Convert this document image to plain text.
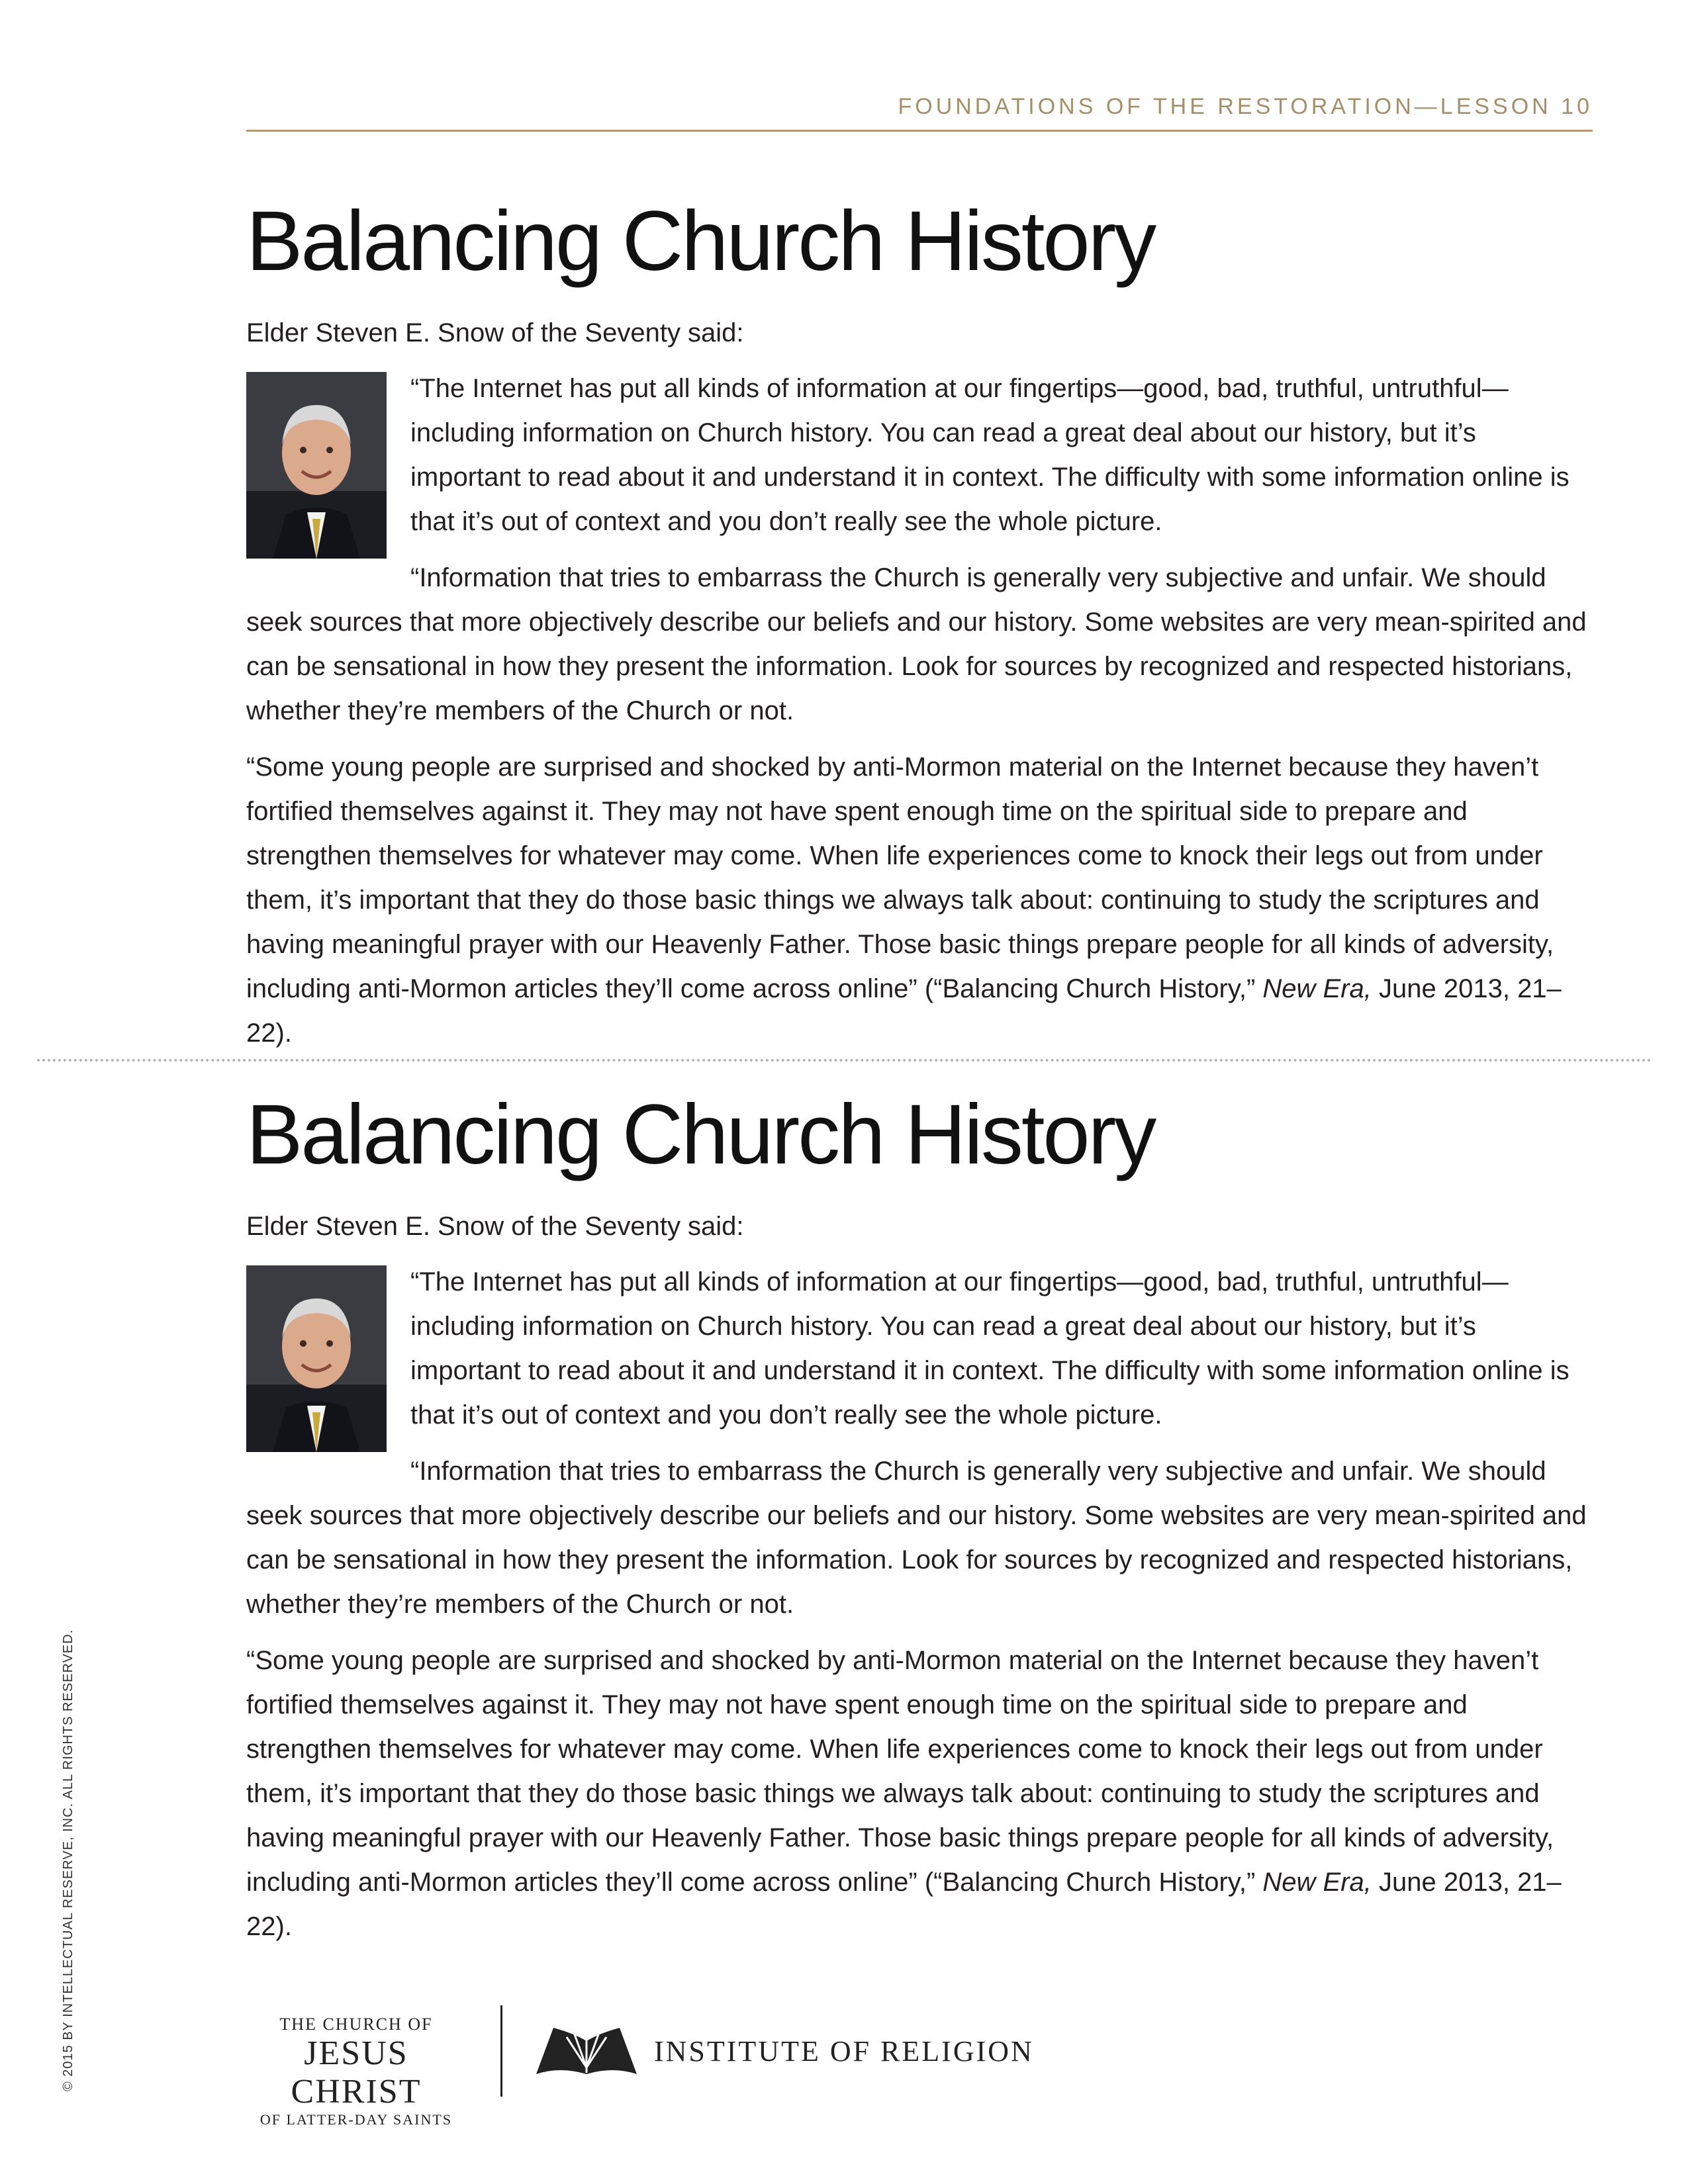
FOUNDATIONS OF THE RESTORATION—LESSON 10
Balancing Church History

Elder Steven E. Snow of the Seventy said:

“The Internet has put all kinds of information at our fingertips—good, bad, truthful, untruthful—including information on Church history. You can read a great deal about our history, but it’s important to read about it and understand it in context. The difficulty with some information online is that it’s out of context and you don’t really see the whole picture.

“Information that tries to embarrass the Church is generally very subjective and unfair. We should seek sources that more objectively describe our beliefs and our history. Some websites are very mean-spirited and can be sensational in how they present the information. Look for sources by recognized and respected historians, whether they’re members of the Church or not.

“Some young people are surprised and shocked by anti-Mormon material on the Internet because they haven’t fortified themselves against it. They may not have spent enough time on the spiritual side to prepare and strengthen themselves for whatever may come. When life experiences come to knock their legs out from under them, it’s important that they do those basic things we always talk about: continuing to study the scriptures and having meaningful prayer with our Heavenly Father. Those basic things prepare people for all kinds of adversity, including anti-Mormon articles they’ll come across online” (“Balancing Church History,” New Era, June 2013, 21–22).

Balancing Church History

Elder Steven E. Snow of the Seventy said:

“The Internet has put all kinds of information at our fingertips—good, bad, truthful, untruthful—including information on Church history. You can read a great deal about our history, but it’s important to read about it and understand it in context. The difficulty with some information online is that it’s out of context and you don’t really see the whole picture.

“Information that tries to embarrass the Church is generally very subjective and unfair. We should seek sources that more objectively describe our beliefs and our history. Some websites are very mean-spirited and can be sensational in how they present the information. Look for sources by recognized and respected historians, whether they’re members of the Church or not.

“Some young people are surprised and shocked by anti-Mormon material on the Internet because they haven’t fortified themselves against it. They may not have spent enough time on the spiritual side to prepare and strengthen themselves for whatever may come. When life experiences come to knock their legs out from under them, it’s important that they do those basic things we always talk about: continuing to study the scriptures and having meaningful prayer with our Heavenly Father. Those basic things prepare people for all kinds of adversity, including anti-Mormon articles they’ll come across online” (“Balancing Church History,” New Era, June 2013, 21–22).

© 2015 BY INTELLECTUAL RESERVE, INC. ALL RIGHTS RESERVED.	THE CHURCH OF
JESUS CHRIST
OF LATTER-DAY SAINTS
INSTITUTE OF RELIGION
